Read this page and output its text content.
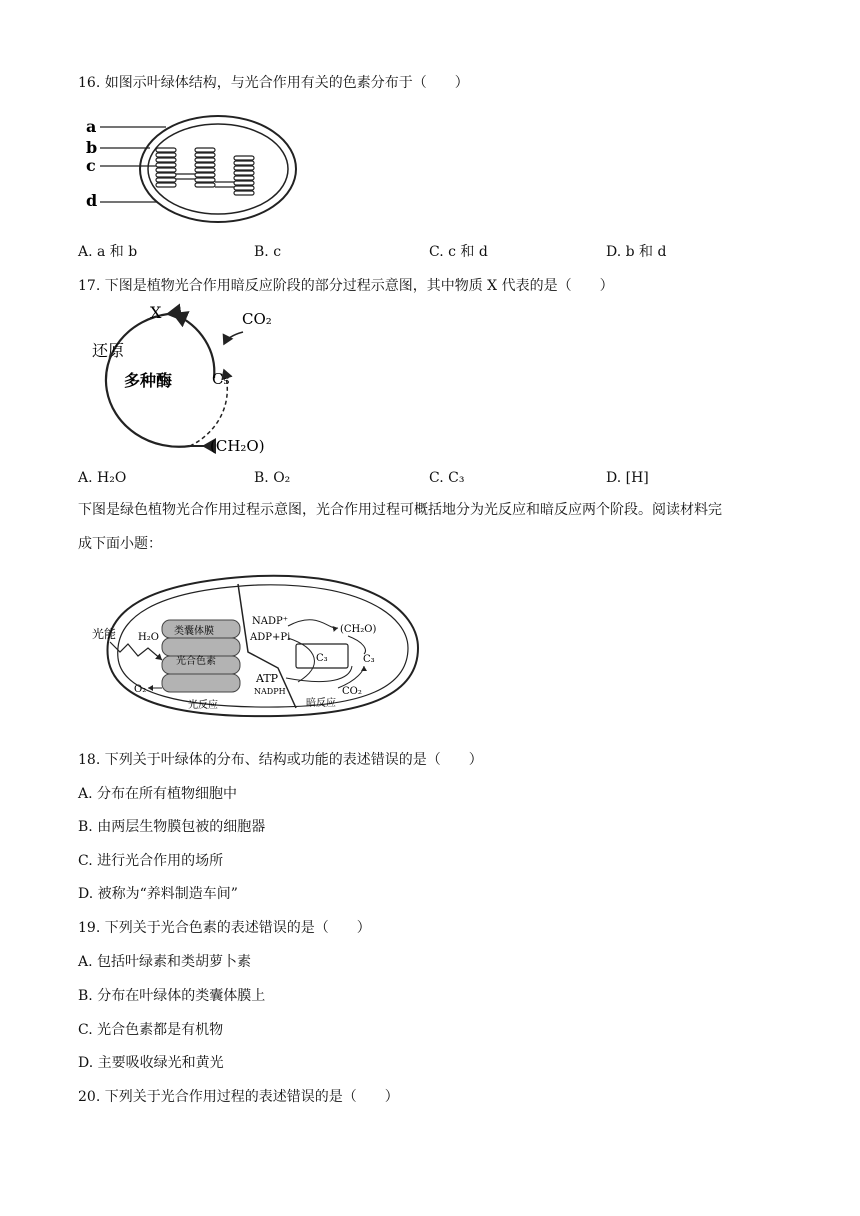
16. 如图示叶绿体结构，与光合作用有关的色素分布于（　　）
a
b
c
d
A. a 和 b	B. c	C. c 和 d	D. b 和 d
17. 下图是植物光合作用暗反应阶段的部分过程示意图，其中物质 X 代表的是（　　）
X	CO₂
还原
多种酶	C₅
(CH₂O)
A. H₂O	B. O₂	C. C₃	D. [H]
下图是绿色植物光合作用过程示意图，光合作用过程可概括地分为光反应和暗反应两个阶段。阅读材料完
成下面小题：
光能 H₂O
类囊体膜
光合色素
O₂
ATP
NADPH
NADP⁺
ADP+Pi
(CH₂O)
C₃	C₃
CO₂
光反应	暗反应
18. 下列关于叶绿体的分布、结构或功能的表述错误的是（　　）
A. 分布在所有植物细胞中
B. 由两层生物膜包被的细胞器
C. 进行光合作用的场所
D. 被称为“养料制造车间”
19. 下列关于光合色素的表述错误的是（　　）
A. 包括叶绿素和类胡萝卜素
B. 分布在叶绿体的类囊体膜上
C. 光合色素都是有机物
D. 主要吸收绿光和黄光
20. 下列关于光合作用过程的表述错误的是（　　）
